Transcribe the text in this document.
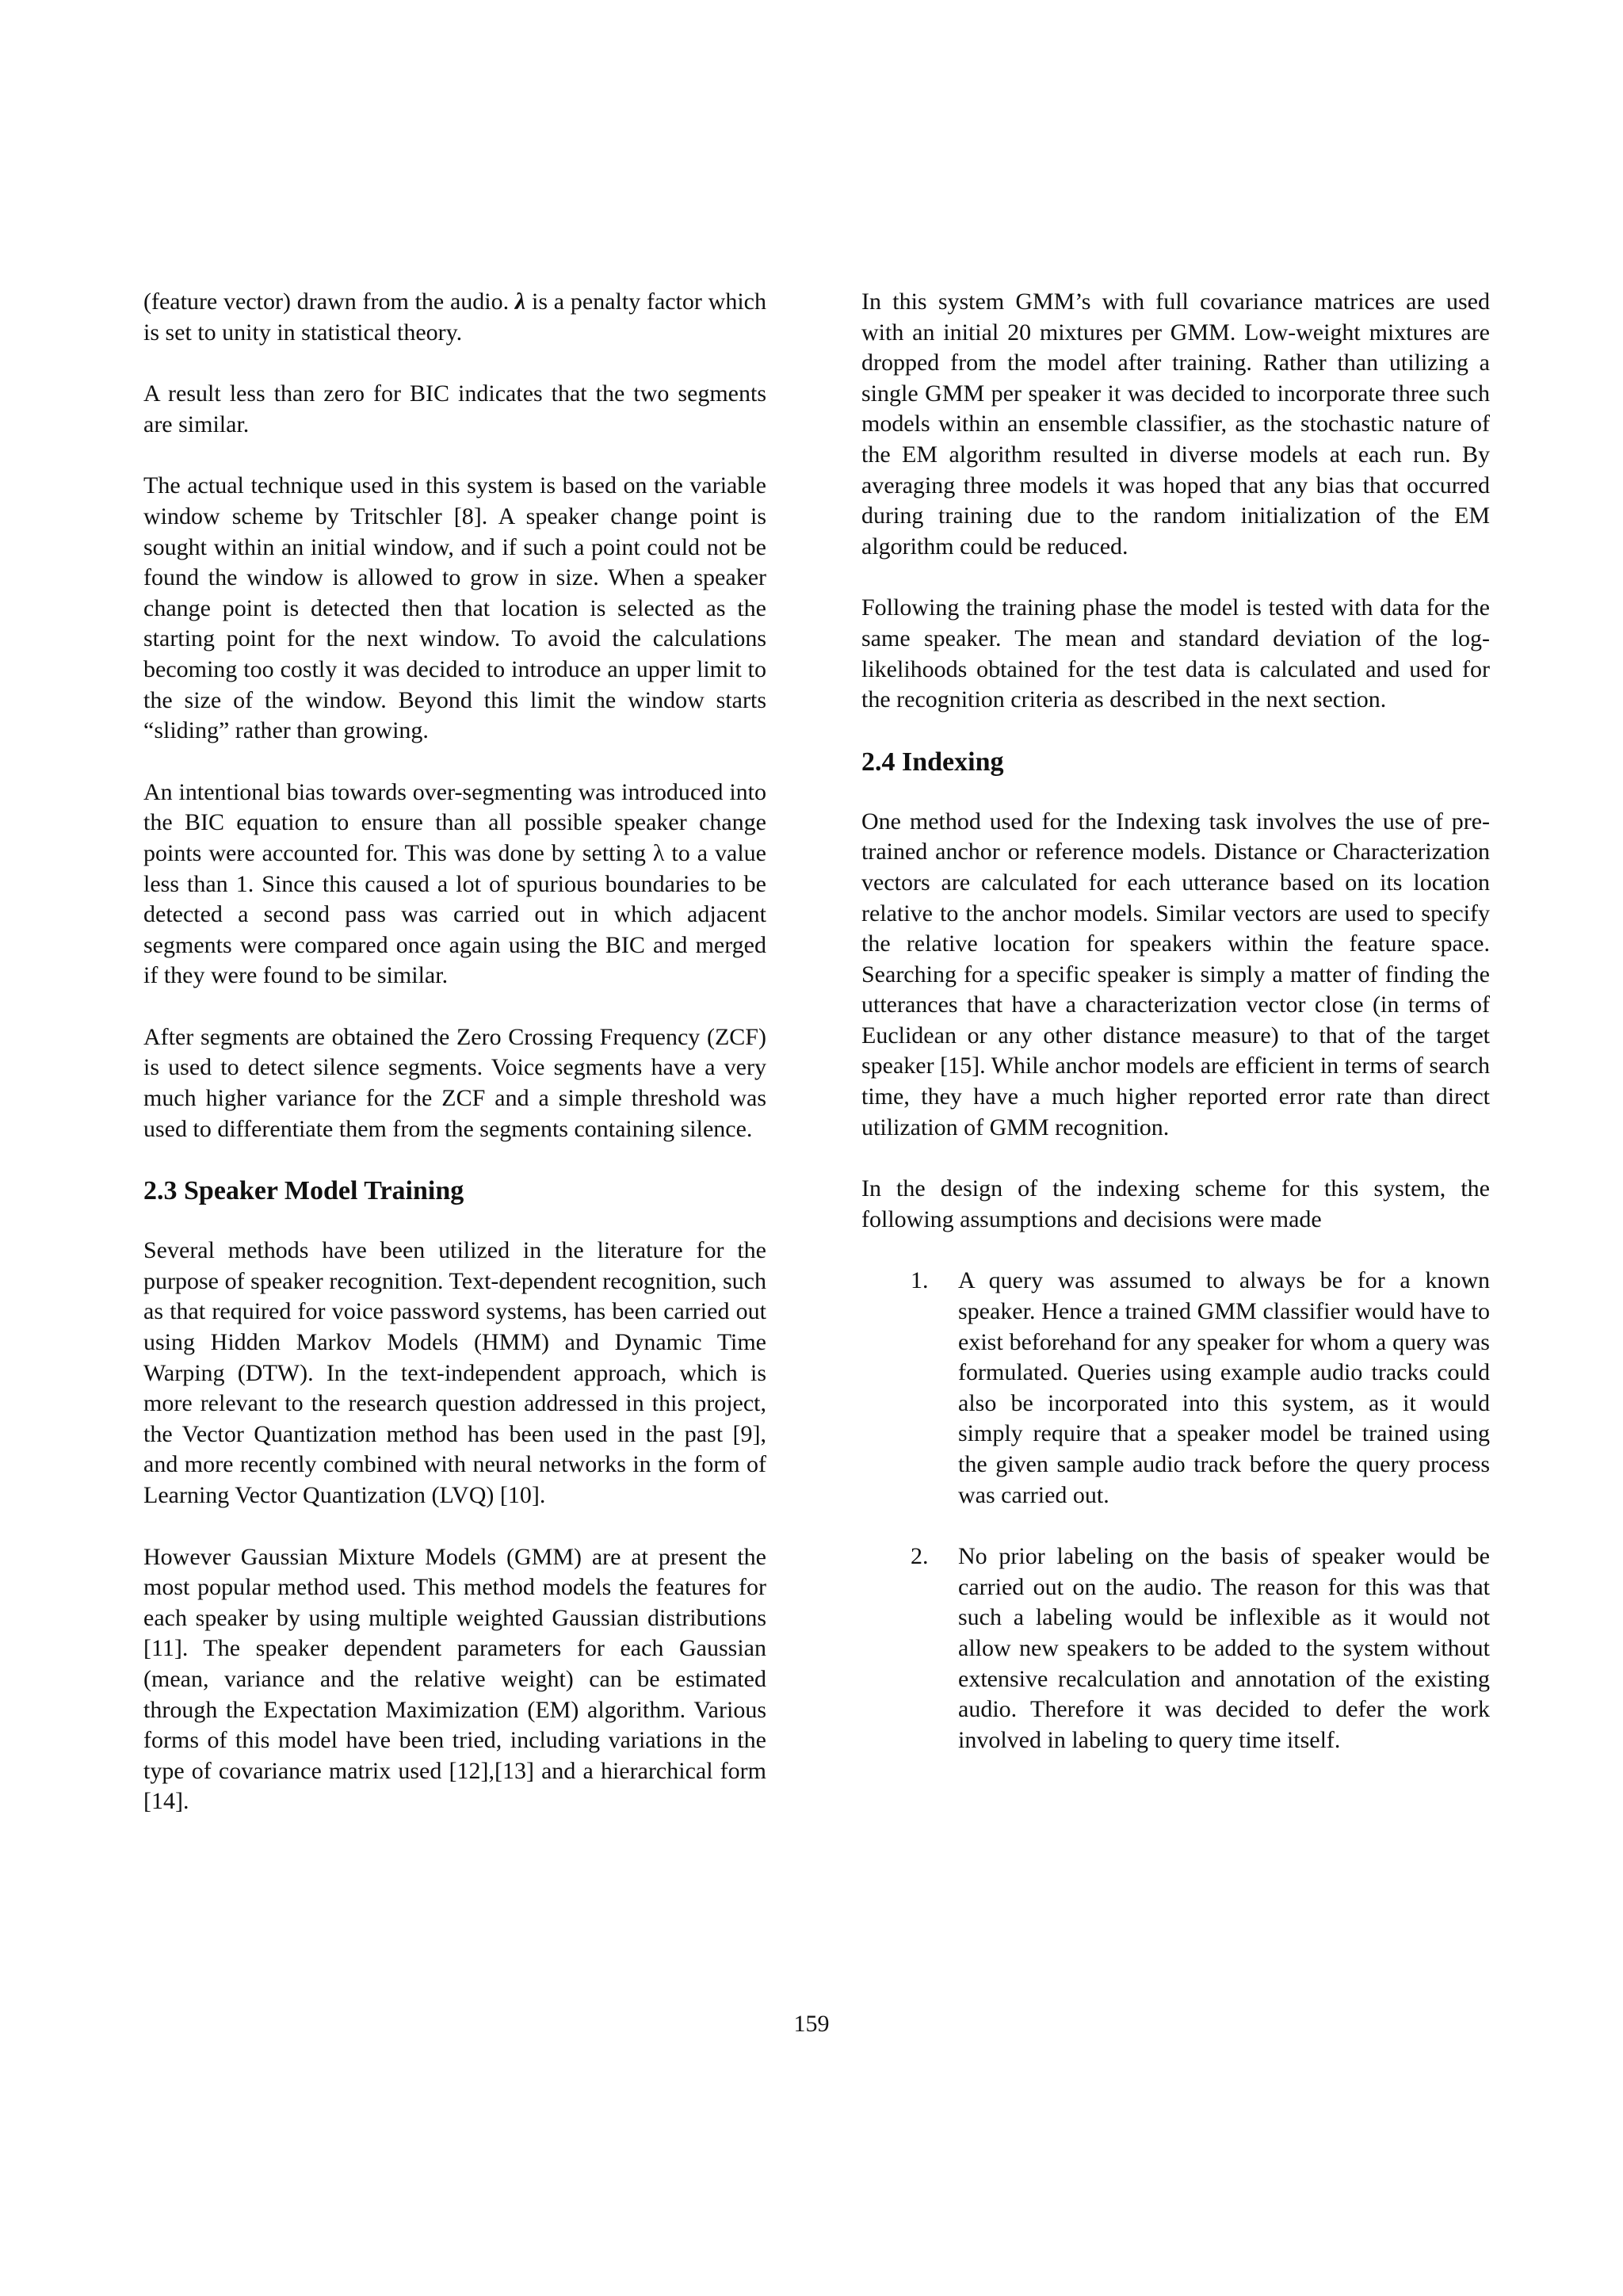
(feature vector) drawn from the audio. λ is a penalty factor which is set to unity in statistical theory.

A result less than zero for BIC indicates that the two segments are similar.

The actual technique used in this system is based on the variable window scheme by Tritschler [8]. A speaker change point is sought within an initial window, and if such a point could not be found the window is allowed to grow in size. When a speaker change point is detected then that location is selected as the starting point for the next window. To avoid the calculations becoming too costly it was decided to introduce an upper limit to the size of the window. Beyond this limit the window starts “sliding” rather than growing.

An intentional bias towards over-segmenting was introduced into the BIC equation to ensure than all possible speaker change points were accounted for. This was done by setting λ to a value less than 1. Since this caused a lot of spurious boundaries to be detected a second pass was carried out in which adjacent segments were compared once again using the BIC and merged if they were found to be similar.

After segments are obtained the Zero Crossing Frequency (ZCF) is used to detect silence segments. Voice segments have a very much higher variance for the ZCF and a simple threshold was used to differentiate them from the segments containing silence.

2.3 Speaker Model Training

Several methods have been utilized in the literature for the purpose of speaker recognition. Text-dependent recognition, such as that required for voice password systems, has been carried out using Hidden Markov Models (HMM) and Dynamic Time Warping (DTW). In the text-independent approach, which is more relevant to the research question addressed in this project, the Vector Quantization method has been used in the past [9], and more recently combined with neural networks in the form of Learning Vector Quantization (LVQ) [10].

However Gaussian Mixture Models (GMM) are at present the most popular method used. This method models the features for each speaker by using multiple weighted Gaussian distributions [11]. The speaker dependent parameters for each Gaussian (mean, variance and the relative weight) can be estimated through the Expectation Maximization (EM) algorithm. Various forms of this model have been tried, including variations in the type of covariance matrix used [12],[13] and a hierarchical form [14].

In this system GMM’s with full covariance matrices are used with an initial 20 mixtures per GMM. Low-weight mixtures are dropped from the model after training. Rather than utilizing a single GMM per speaker it was decided to incorporate three such models within an ensemble classifier, as the stochastic nature of the EM algorithm resulted in diverse models at each run. By averaging three models it was hoped that any bias that occurred during training due to the random initialization of the EM algorithm could be reduced.

Following the training phase the model is tested with data for the same speaker. The mean and standard deviation of the log-likelihoods obtained for the test data is calculated and used for the recognition criteria as described in the next section.

2.4 Indexing

One method used for the Indexing task involves the use of pre-trained anchor or reference models. Distance or Characterization vectors are calculated for each utterance based on its location relative to the anchor models. Similar vectors are used to specify the relative location for speakers within the feature space. Searching for a specific speaker is simply a matter of finding the utterances that have a characterization vector close (in terms of Euclidean or any other distance measure) to that of the target speaker [15]. While anchor models are efficient in terms of search time, they have a much higher reported error rate than direct utilization of GMM recognition.

In the design of the indexing scheme for this system, the following assumptions and decisions were made

1. A query was assumed to always be for a known speaker. Hence a trained GMM classifier would have to exist beforehand for any speaker for whom a query was formulated. Queries using example audio tracks could also be incorporated into this system, as it would simply require that a speaker model be trained using the given sample audio track before the query process was carried out.
2. No prior labeling on the basis of speaker would be carried out on the audio. The reason for this was that such a labeling would be inflexible as it would not allow new speakers to be added to the system without extensive recalculation and annotation of the existing audio. Therefore it was decided to defer the work involved in labeling to query time itself.
159
